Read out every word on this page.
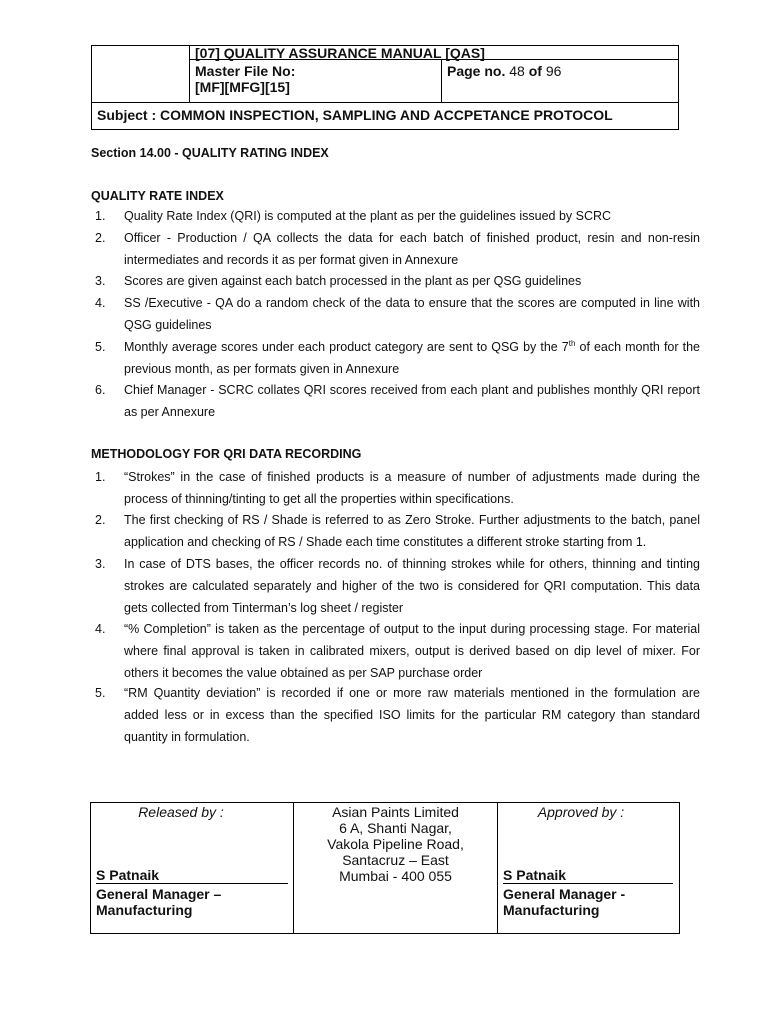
[07] QUALITY ASSURANCE MANUAL [QAS]
Master File No:
[MF][MFG][15]
Page no. 48 of 96
Subject : COMMON INSPECTION, SAMPLING AND ACCPETANCE PROTOCOL
Section 14.00 - QUALITY RATING INDEX
QUALITY RATE INDEX
1. Quality Rate Index (QRI) is computed at the plant as per the guidelines issued by SCRC
2. Officer - Production / QA collects the data for each batch of finished product, resin and non-resin
intermediates and records it as per format given in Annexure
3. Scores are given against each batch processed in the plant as per QSG guidelines
4. SS /Executive - QA do a random check of the data to ensure that the scores are computed in line with
QSG guidelines
5. Monthly average scores under each product category are sent to QSG by the 7th of each month for the
previous month, as per formats given in Annexure
6. Chief Manager - SCRC collates QRI scores received from each plant and publishes monthly QRI report
as per Annexure
METHODOLOGY FOR QRI DATA RECORDING
1. “Strokes” in the case of finished products is a measure of number of adjustments made during the
process of thinning/tinting to get all the properties within specifications.
2. The first checking of RS / Shade is referred to as Zero Stroke. Further adjustments to the batch, panel
application and checking of RS / Shade each time constitutes a different stroke starting from 1.
3. In case of DTS bases, the officer records no. of thinning strokes while for others, thinning and tinting
strokes are calculated separately and higher of the two is considered for QRI computation. This data
gets collected from Tinterman’s log sheet / register
4. “% Completion” is taken as the percentage of output to the input during processing stage. For material
where final approval is taken in calibrated mixers, output is derived based on dip level of mixer. For
others it becomes the value obtained as per SAP purchase order
5. “RM Quantity deviation” is recorded if one or more raw materials mentioned in the formulation are
added less or in excess than the specified ISO limits for the particular RM category than standard
quantity in formulation.
Released by :
S Patnaik
General Manager –
Manufacturing
Asian Paints Limited
6 A, Shanti Nagar,
Vakola Pipeline Road,
Santacruz – East
Mumbai - 400 055
Approved by :
S Patnaik
General Manager -
Manufacturing
